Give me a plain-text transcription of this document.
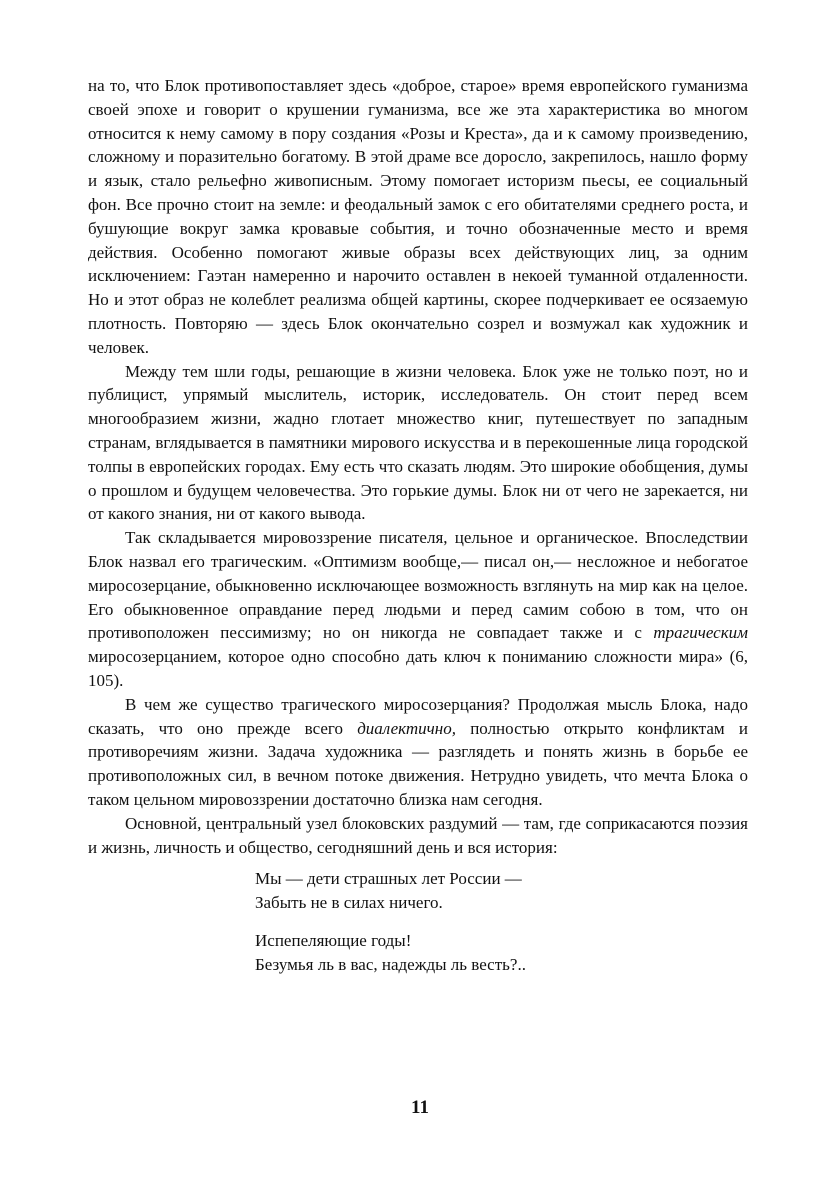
на то, что Блок противопоставляет здесь «доброе, старое» время европейского гуманизма своей эпохе и говорит о крушении гуманизма, все же эта характеристика во многом относится к нему самому в пору создания «Розы и Креста», да и к самому произведению, сложному и поразительно богатому. В этой драме все доросло, закрепилось, нашло форму и язык, стало рельефно живописным. Этому помогает историзм пьесы, ее социальный фон. Все прочно стоит на земле: и феодальный замок с его обитателями среднего роста, и бушующие вокруг замка кровавые события, и точно обозначенные место и время действия. Особенно помогают живые образы всех действующих лиц, за одним исключением: Гаэтан намеренно и нарочито оставлен в некоей туманной отдаленности. Но и этот образ не колеблет реализма общей картины, скорее подчеркивает ее осязаемую плотность. Повторяю — здесь Блок окончательно созрел и возмужал как художник и человек.

Между тем шли годы, решающие в жизни человека. Блок уже не только поэт, но и публицист, упрямый мыслитель, историк, исследователь. Он стоит перед всем многообразием жизни, жадно глотает множество книг, путешествует по западным странам, вглядывается в памятники мирового искусства и в перекошенные лица городской толпы в европейских городах. Ему есть что сказать людям. Это широкие обобщения, думы о прошлом и будущем человечества. Это горькие думы. Блок ни от чего не зарекается, ни от какого знания, ни от какого вывода.

Так складывается мировоззрение писателя, цельное и органическое. Впоследствии Блок назвал его трагическим. «Оптимизм вообще,— писал он,— несложное и небогатое миросозерцание, обыкновенно исключающее возможность взглянуть на мир как на целое. Его обыкновенное оправдание перед людьми и перед самим собою в том, что он противоположен пессимизму; но он никогда не совпадает также и с трагическим миросозерцанием, которое одно способно дать ключ к пониманию сложности мира» (6, 105).

В чем же существо трагического миросозерцания? Продолжая мысль Блока, надо сказать, что оно прежде всего диалектично, полностью открыто конфликтам и противоречиям жизни. Задача художника — разглядеть и понять жизнь в борьбе ее противоположных сил, в вечном потоке движения. Нетрудно увидеть, что мечта Блока о таком цельном мировоззрении достаточно близка нам сегодня.

Основной, центральный узел блоковских раздумий — там, где соприкасаются поэзия и жизнь, личность и общество, сегодняшний день и вся история:

Мы — дети страшных лет России —
Забыть не в силах ничего.
Испепеляющие годы!
Безумья ль в вас, надежды ль весть?..
11
